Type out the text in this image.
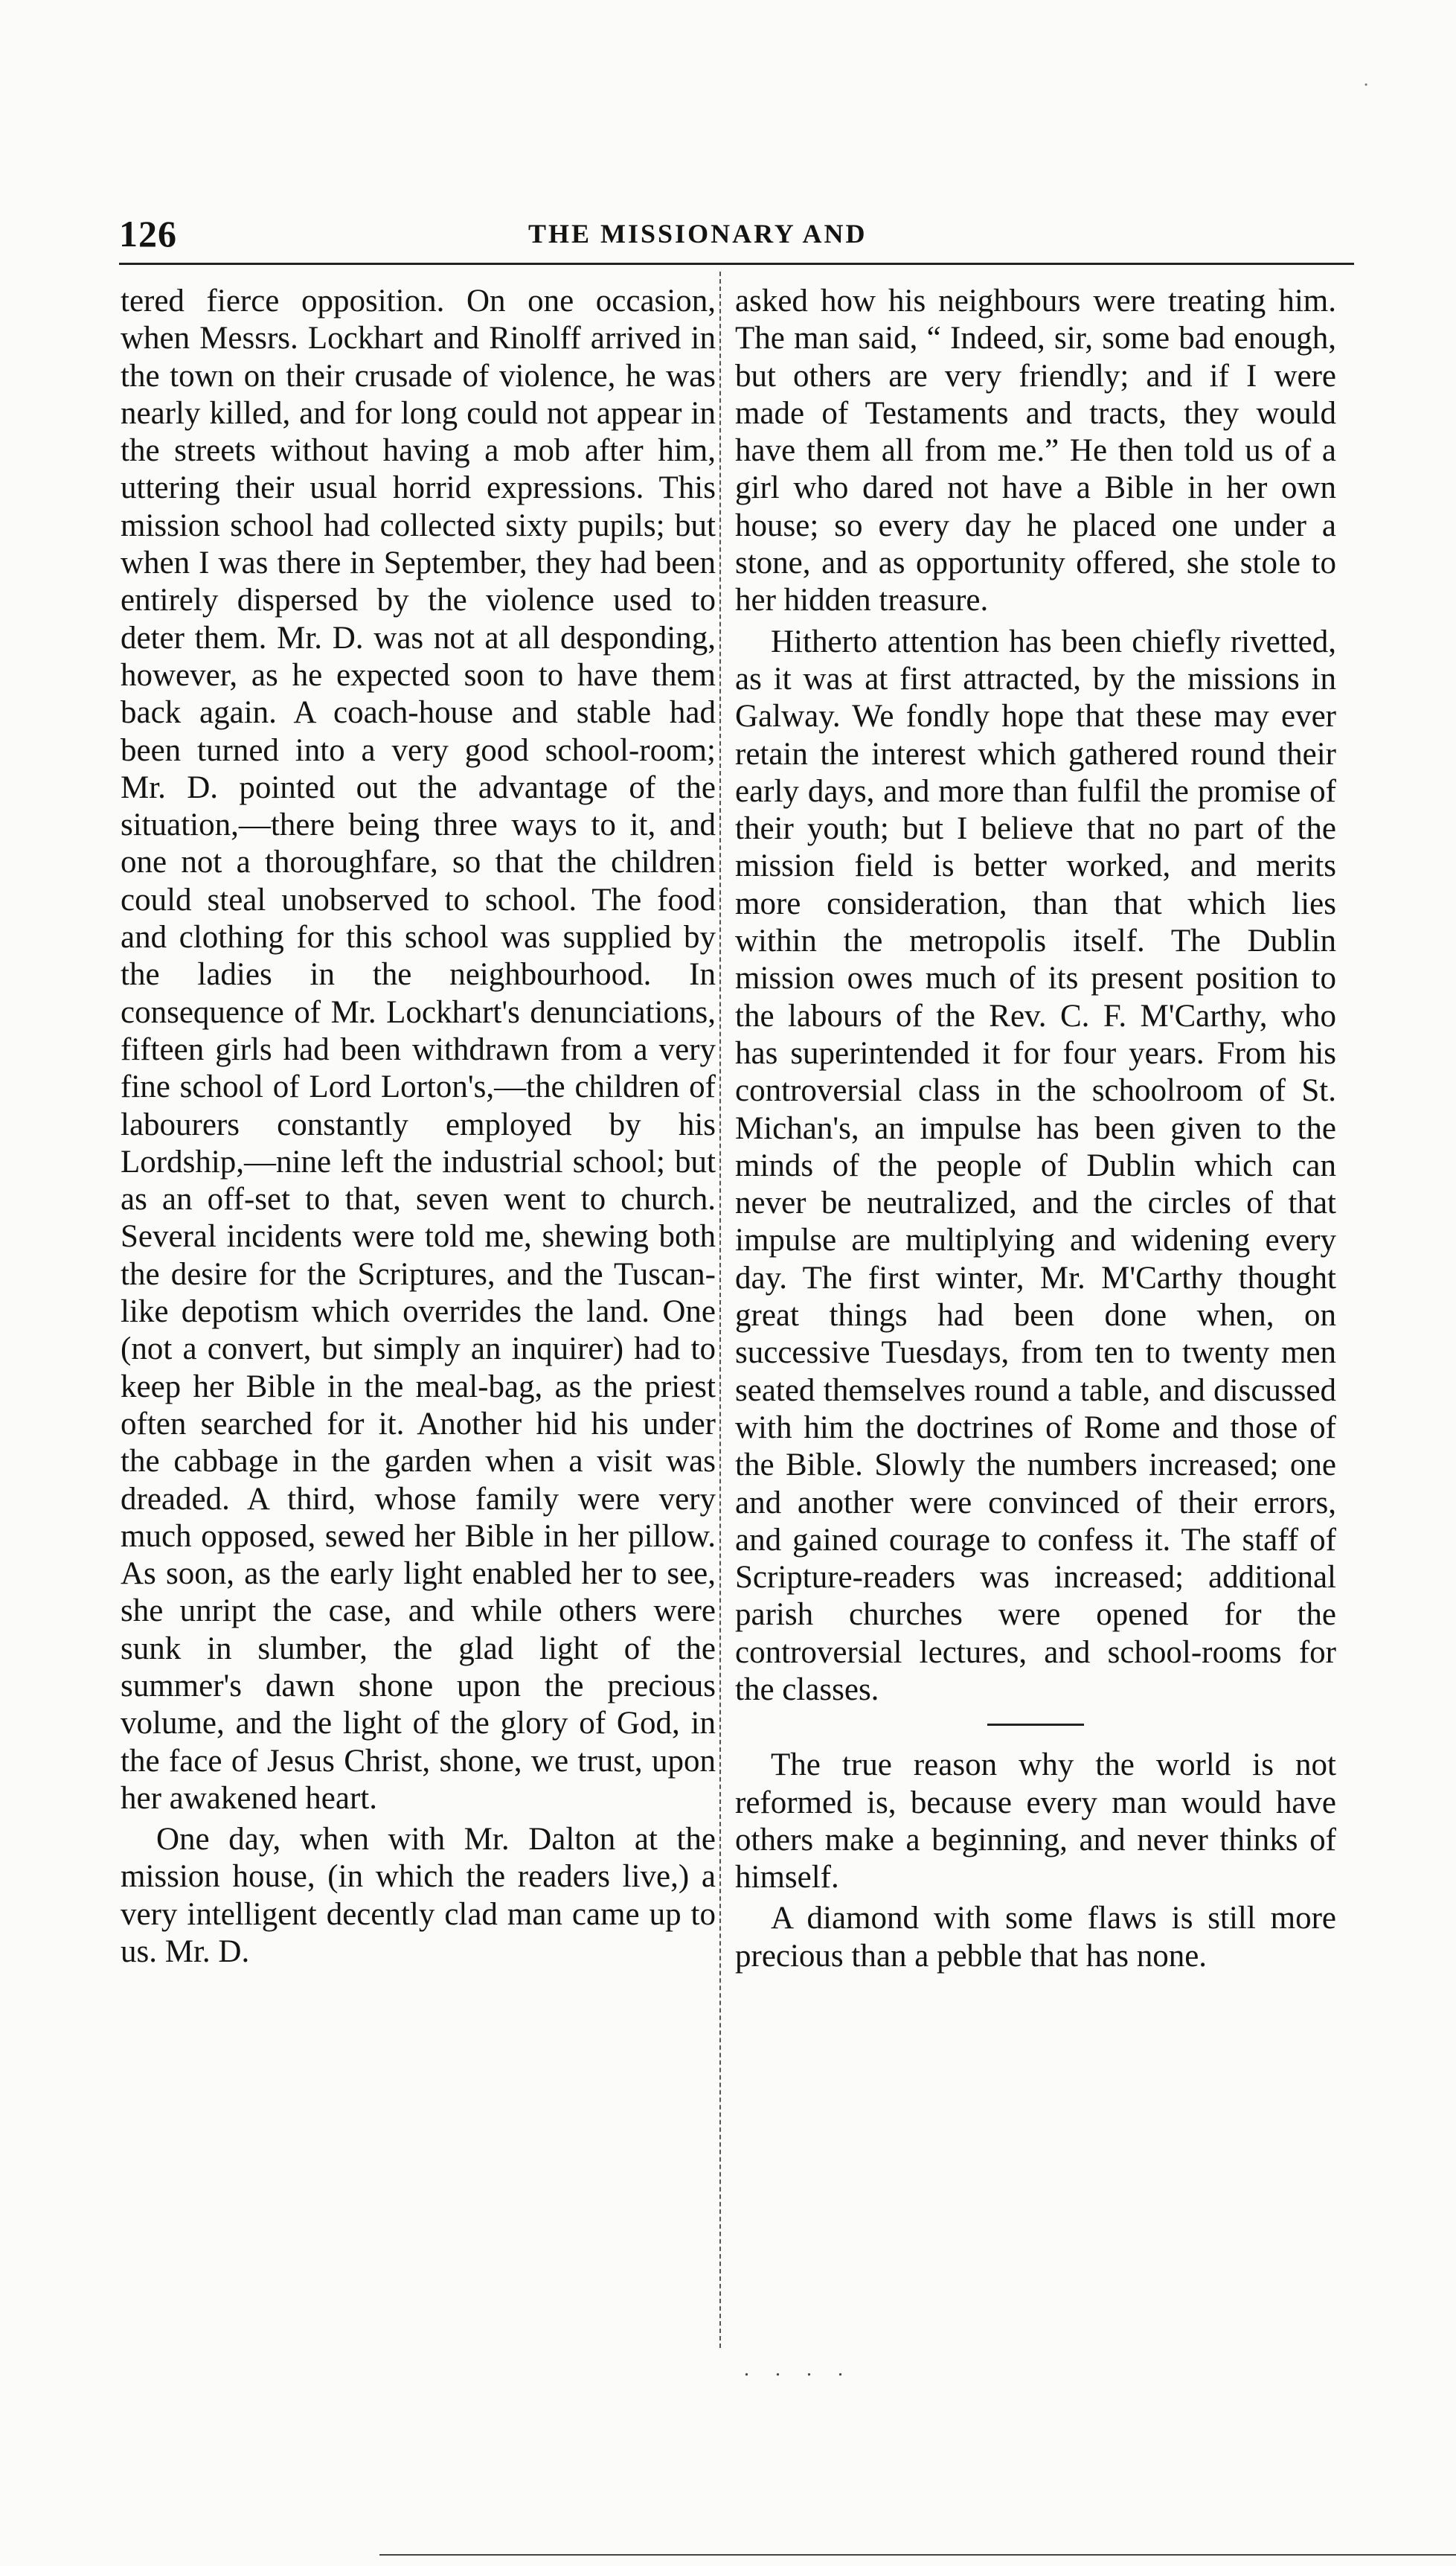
⋅
126	THE MISSIONARY AND

tered fierce opposition. On one occasion, when Messrs. Lockhart and Rinolff arrived in the town on their crusade of violence, he was nearly killed, and for long could not appear in the streets without having a mob after him, uttering their usual horrid expressions. This mission school had collected sixty pupils; but when I was there in September, they had been entirely dispersed by the violence used to deter them. Mr. D. was not at all desponding, however, as he expected soon to have them back again. A coach-house and stable had been turned into a very good school-room; Mr. D. pointed out the advantage of the situation,—there being three ways to it, and one not a thoroughfare, so that the children could steal unobserved to school. The food and clothing for this school was supplied by the ladies in the neighbourhood. In consequence of Mr. Lockhart's denunciations, fifteen girls had been withdrawn from a very fine school of Lord Lorton's,—the children of labourers constantly employed by his Lordship,—nine left the industrial school; but as an off-set to that, seven went to church. Several incidents were told me, shewing both the desire for the Scriptures, and the Tuscan-like depotism which overrides the land. One (not a convert, but simply an inquirer) had to keep her Bible in the meal-bag, as the priest often searched for it. Another hid his under the cabbage in the garden when a visit was dreaded. A third, whose family were very much opposed, sewed her Bible in her pillow. As soon, as the early light enabled her to see, she unript the case, and while others were sunk in slumber, the glad light of the summer's dawn shone upon the precious volume, and the light of the glory of God, in the face of Jesus Christ, shone, we trust, upon her awakened heart.

One day, when with Mr. Dalton at the mission house, (in which the readers live,) a very intelligent decently clad man came up to us. Mr. D.

asked how his neighbours were treating him. The man said, “ Indeed, sir, some bad enough, but others are very friendly; and if I were made of Testaments and tracts, they would have them all from me.” He then told us of a girl who dared not have a Bible in her own house; so every day he placed one under a stone, and as opportunity offered, she stole to her hidden treasure.

Hitherto attention has been chiefly rivetted, as it was at first attracted, by the missions in Galway. We fondly hope that these may ever retain the interest which gathered round their early days, and more than fulfil the promise of their youth; but I believe that no part of the mission field is better worked, and merits more consideration, than that which lies within the metropolis itself. The Dublin mission owes much of its present position to the labours of the Rev. C. F. M'Carthy, who has superintended it for four years. From his controversial class in the schoolroom of St. Michan's, an impulse has been given to the minds of the people of Dublin which can never be neutralized, and the circles of that impulse are multiplying and widening every day. The first winter, Mr. M'Carthy thought great things had been done when, on successive Tuesdays, from ten to twenty men seated themselves round a table, and discussed with him the doctrines of Rome and those of the Bible. Slowly the numbers increased; one and another were convinced of their errors, and gained courage to confess it. The staff of Scripture-readers was increased; additional parish churches were opened for the controversial lectures, and school-rooms for the classes.

The true reason why the world is not reformed is, because every man would have others make a beginning, and never thinks of himself.

A diamond with some flaws is still more precious than a pebble that has none.

. . . .
